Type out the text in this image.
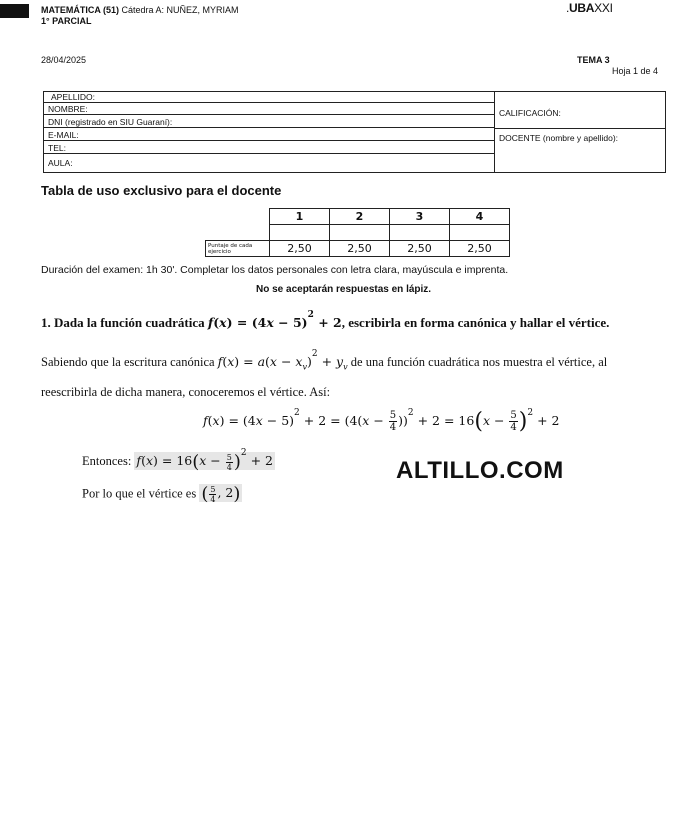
MATEMÁTICA (51) Cátedra A: NUÑEZ, MYRIAM
1° PARCIAL
.UBAXXI
28/04/2025	TEMA 3
Hoja 1 de 4
APELLIDO:
NOMBRE:
DNI (registrado en SIU Guaraní):
E-MAIL:
TEL:
AULA:
CALIFICACIÓN:
DOCENTE (nombre y apellido):
Tabla de uso exclusivo para el docente
	1	2	3	4

Puntaje de cada ejercicio	2,50	2,50	2,50	2,50
Duración del examen: 1h 30'. Completar los datos personales con letra clara, mayúscula e imprenta.
No se aceptarán respuestas en lápiz.
1. Dada la función cuadrática $f(x) = (4x - 5)^2 + 2$, escribirla en forma canónica y hallar el vértice.
Sabiendo que la escritura canónica $f(x) = a(x - x_v)^2 + y_v$ de una función cuadrática nos muestra el vértice, al
reescribirla de dicha manera, conoceremos el vértice. Así:
$f(x) = (4x - 5)^2 + 2 = (4(x - \frac{5}{4} ))^2 + 2 = 16(x - \frac{5}{4} )^2 + 2$
Entonces: $f(x) = 16(x - \frac{5}{4} )^2 + 2$	ALTILLO.COM
Por lo que el vértice es ( $\frac{5}{4}$ , 2)
